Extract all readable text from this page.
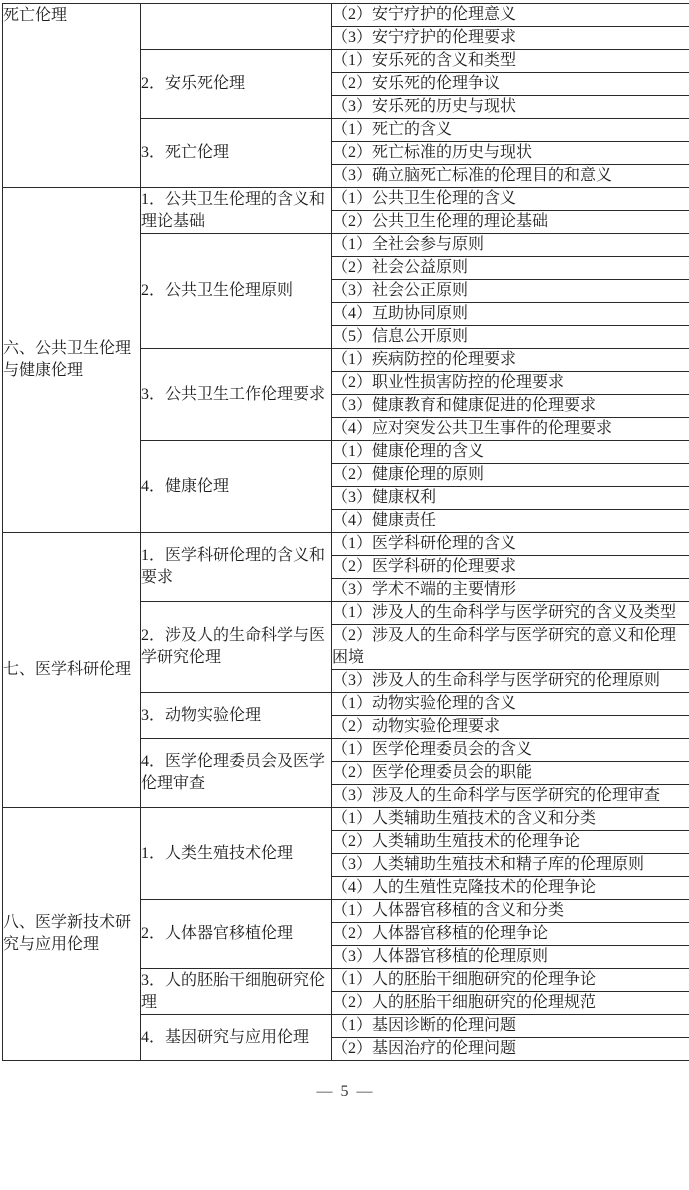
死亡伦理		（2）安宁疗护的伦理意义
		（3）安宁疗护的伦理要求
	2．安乐死伦理	（1）安乐死的含义和类型
		（2）安乐死的伦理争议
		（3）安乐死的历史与现状
	3．死亡伦理	（1）死亡的含义
		（2）死亡标准的历史与现状
		（3）确立脑死亡标准的伦理目的和意义
六、公共卫生伦理与健康伦理	1．公共卫生伦理的含义和理论基础	（1）公共卫生伦理的含义
		（2）公共卫生伦理的理论基础
	2．公共卫生伦理原则	（1）全社会参与原则
		（2）社会公益原则
		（3）社会公正原则
		（4）互助协同原则
		（5）信息公开原则
	3．公共卫生工作伦理要求	（1）疾病防控的伦理要求
		（2）职业性损害防控的伦理要求
		（3）健康教育和健康促进的伦理要求
		（4）应对突发公共卫生事件的伦理要求
	4．健康伦理	（1）健康伦理的含义
		（2）健康伦理的原则
		（3）健康权利
		（4）健康责任
七、医学科研伦理	1．医学科研伦理的含义和要求	（1）医学科研伦理的含义
		（2）医学科研的伦理要求
		（3）学术不端的主要情形
	2．涉及人的生命科学与医学研究伦理	（1）涉及人的生命科学与医学研究的含义及类型
		（2）涉及人的生命科学与医学研究的意义和伦理困境
		（3）涉及人的生命科学与医学研究的伦理原则
	3．动物实验伦理	（1）动物实验伦理的含义
		（2）动物实验伦理要求
	4．医学伦理委员会及医学伦理审查	（1）医学伦理委员会的含义
		（2）医学伦理委员会的职能
		（3）涉及人的生命科学与医学研究的伦理审查
八、医学新技术研究与应用伦理	1．人类生殖技术伦理	（1）人类辅助生殖技术的含义和分类
		（2）人类辅助生殖技术的伦理争论
		（3）人类辅助生殖技术和精子库的伦理原则
		（4）人的生殖性克隆技术的伦理争论
	2．人体器官移植伦理	（1）人体器官移植的含义和分类
		（2）人体器官移植的伦理争论
		（3）人体器官移植的伦理原则
	3．人的胚胎干细胞研究伦理	（1）人的胚胎干细胞研究的伦理争论
		（2）人的胚胎干细胞研究的伦理规范
	4．基因研究与应用伦理	（1）基因诊断的伦理问题
		（2）基因治疗的伦理问题
— 5 —
